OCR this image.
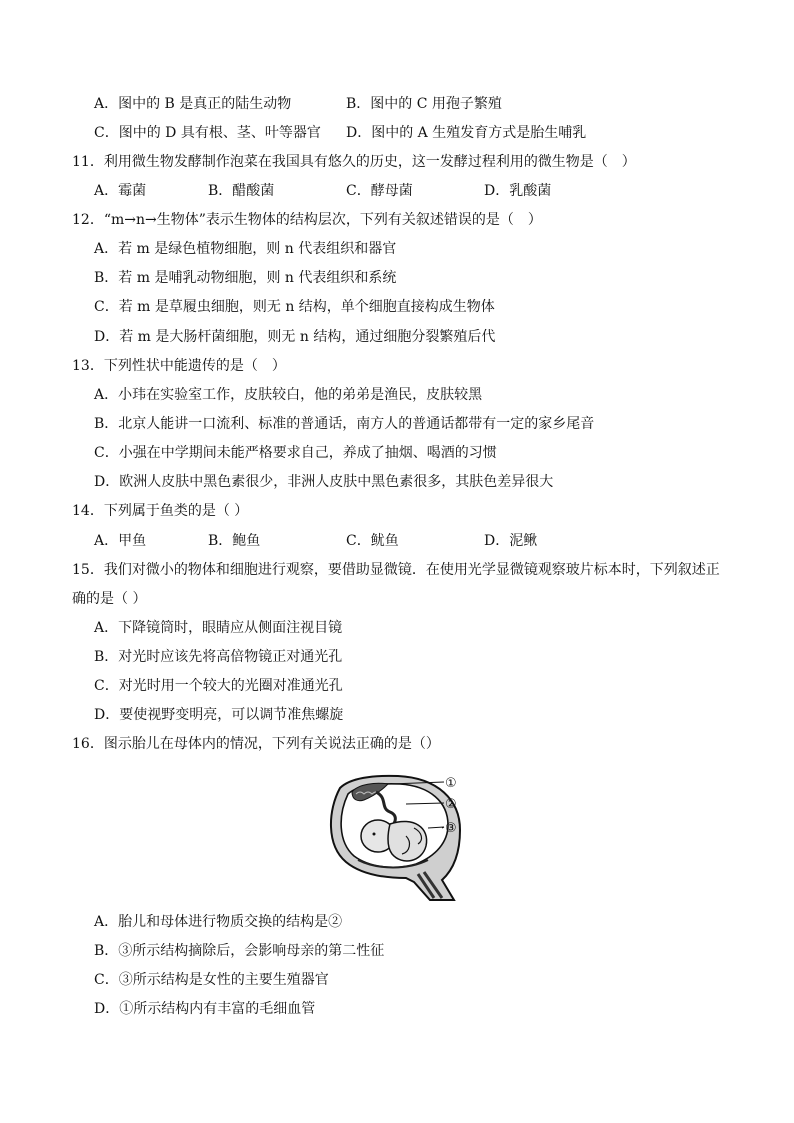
A．图中的 B 是真正的陆生动物	B．图中的 C 用孢子繁殖
C．图中的 D 具有根、茎、叶等器官 D．图中的 A 生殖发育方式是胎生哺乳
11．利用微生物发酵制作泡菜在我国具有悠久的历史，这一发酵过程利用的微生物是（　）
A．霉菌	B．醋酸菌	C．酵母菌	D．乳酸菌
12．“m→n→生物体”表示生物体的结构层次，下列有关叙述错误的是（　）
A．若 m 是绿色植物细胞，则 n 代表组织和器官
B．若 m 是哺乳动物细胞，则 n 代表组织和系统
C．若 m 是草履虫细胞，则无 n 结构，单个细胞直接构成生物体
D．若 m 是大肠杆菌细胞，则无 n 结构，通过细胞分裂繁殖后代
13．下列性状中能遗传的是（　）
A．小玮在实验室工作，皮肤较白，他的弟弟是渔民，皮肤较黑
B．北京人能讲一口流利、标准的普通话，南方人的普通话都带有一定的家乡尾音
C．小强在中学期间未能严格要求自己，养成了抽烟、喝酒的习惯
D．欧洲人皮肤中黑色素很少，非洲人皮肤中黑色素很多，其肤色差异很大
14．下列属于鱼类的是（ ）
A．甲鱼	B．鲍鱼	C．鱿鱼	D．泥鳅
15．我们对微小的物体和细胞进行观察，要借助显微镜．在使用光学显微镜观察玻片标本时，下列叙述正
确的是（ ）
A．下降镜筒时，眼睛应从侧面注视目镜
B．对光时应该先将高倍物镜正对通光孔
C．对光时用一个较大的光圈对准通光孔
D．要使视野变明亮，可以调节准焦螺旋
16．图示胎儿在母体内的情况，下列有关说法正确的是（）
①
②
③
A．胎儿和母体进行物质交换的结构是②
B．③所示结构摘除后，会影响母亲的第二性征
C．③所示结构是女性的主要生殖器官
D．①所示结构内有丰富的毛细血管
